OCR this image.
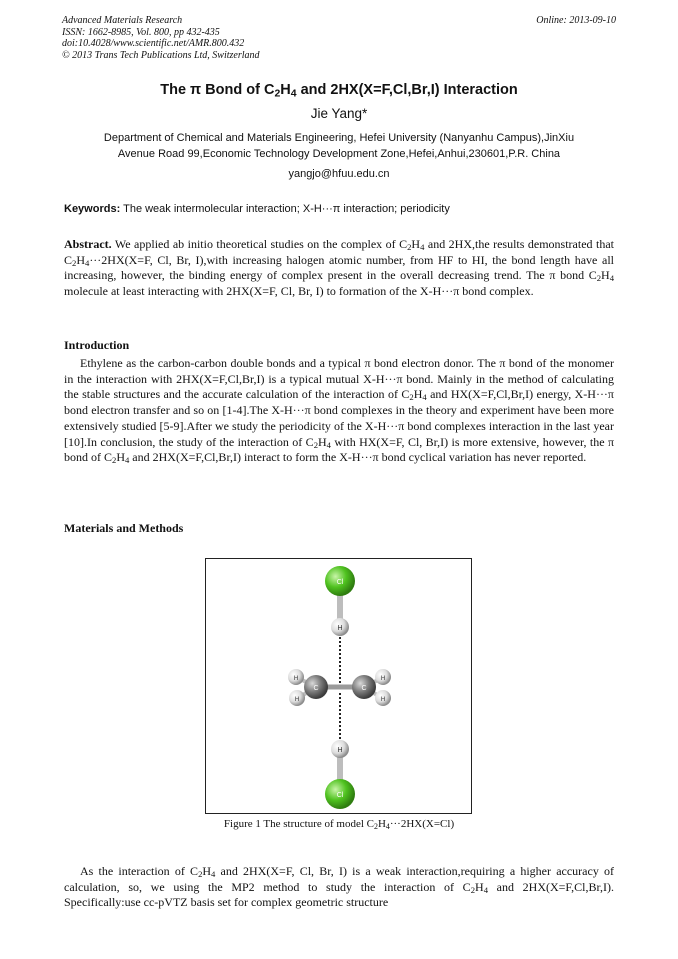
Advanced Materials Research
ISSN: 1662-8985, Vol. 800, pp 432-435
doi:10.4028/www.scientific.net/AMR.800.432
© 2013 Trans Tech Publications Ltd, Switzerland
Online: 2013-09-10
The π Bond of $C_2H_4$ and 2HX(X=F,Cl,Br,I) Interaction
Jie Yang*
Department of Chemical and Materials Engineering, Hefei University (Nanyanhu Campus),JinXiu
Avenue Road 99,Economic Technology Development Zone,Hefei,Anhui,230601,P.R. China
yangjo@hfuu.edu.cn
Keywords: The weak intermolecular interaction; X-H···π interaction; periodicity
Abstract. We applied ab initio theoretical studies on the complex of $C_2H_4$ and 2HX,the results demonstrated that $C_2H_4\cdot\cdot\cdot 2HX(X=F$, Cl, Br, I),with increasing halogen atomic number, from HF to HI, the bond length have all increasing, however, the binding energy of complex present in the overall decreasing trend. The π bond $C_2H_4$ molecule at least interacting with 2HX(X=F, Cl, Br, I) to formation of the X-H···π bond complex.
Introduction
Ethylene as the carbon-carbon double bonds and a typical π bond electron donor. The π bond of the monomer in the interaction with 2HX(X=F,Cl,Br,I) is a typical mutual X-H···π bond. Mainly in the method of calculating the stable structures and the accurate calculation of the interaction of $C_2H_4$ and HX(X=F,Cl,Br,I) energy, X-H···π bond electron transfer and so on [1-4].The X-H···π bond complexes in the theory and experiment have been more extensively studied [5-9].After we study the periodicity of the X-H···π bond complexes interaction in the last year [10].In conclusion, the study of the interaction of $C_2H_4$ with HX(X=F, Cl, Br,I) is more extensive, however, the π bond of $C_2H_4$ and 2HX(X=F,Cl,Br,I) interact to form the X-H···π bond cyclical variation has never reported.
Materials and Methods
Cl
H
H
H
H
H
C	C
H
Cl
Figure 1 The structure of model $C_2H_4\cdot\cdot\cdot 2HX(X=Cl)$
As the interaction of $C_2H_4$ and 2HX(X=F, Cl, Br, I) is a weak interaction,requiring a higher accuracy of calculation, so, we using the MP2 method to study the interaction of $C_2H_4$ and 2HX(X=F,Cl,Br,I). Specifically:use cc-pVTZ basis set for complex geometric structure
